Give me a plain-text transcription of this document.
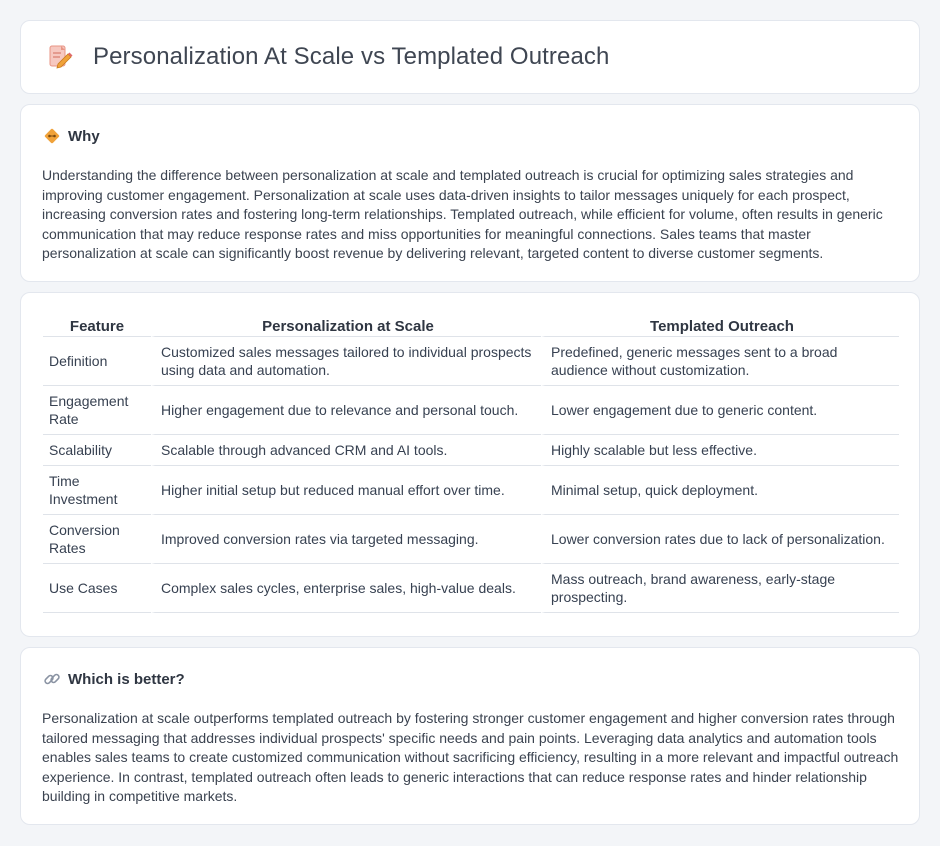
Personalization At Scale vs Templated Outreach
Why

Understanding the difference between personalization at scale and templated outreach is crucial for optimizing sales strategies and improving customer engagement. Personalization at scale uses data-driven insights to tailor messages uniquely for each prospect, increasing conversion rates and fostering long-term relationships. Templated outreach, while efficient for volume, often results in generic communication that may reduce response rates and miss opportunities for meaningful connections. Sales teams that master personalization at scale can significantly boost revenue by delivering relevant, targeted content to diverse customer segments.

Feature	Personalization at Scale	Templated Outreach
Definition	Customized sales messages tailored to individual prospects using data and automation.	Predefined, generic messages sent to a broad audience without customization.
Engagement Rate	Higher engagement due to relevance and personal touch.	Lower engagement due to generic content.
Scalability	Scalable through advanced CRM and AI tools.	Highly scalable but less effective.
Time Investment	Higher initial setup but reduced manual effort over time.	Minimal setup, quick deployment.
Conversion Rates	Improved conversion rates via targeted messaging.	Lower conversion rates due to lack of personalization.
Use Cases	Complex sales cycles, enterprise sales, high-value deals.	Mass outreach, brand awareness, early-stage prospecting.
Which is better?

Personalization at scale outperforms templated outreach by fostering stronger customer engagement and higher conversion rates through tailored messaging that addresses individual prospects' specific needs and pain points. Leveraging data analytics and automation tools enables sales teams to create customized communication without sacrificing efficiency, resulting in a more relevant and impactful outreach experience. In contrast, templated outreach often leads to generic interactions that can reduce response rates and hinder relationship building in competitive markets.
